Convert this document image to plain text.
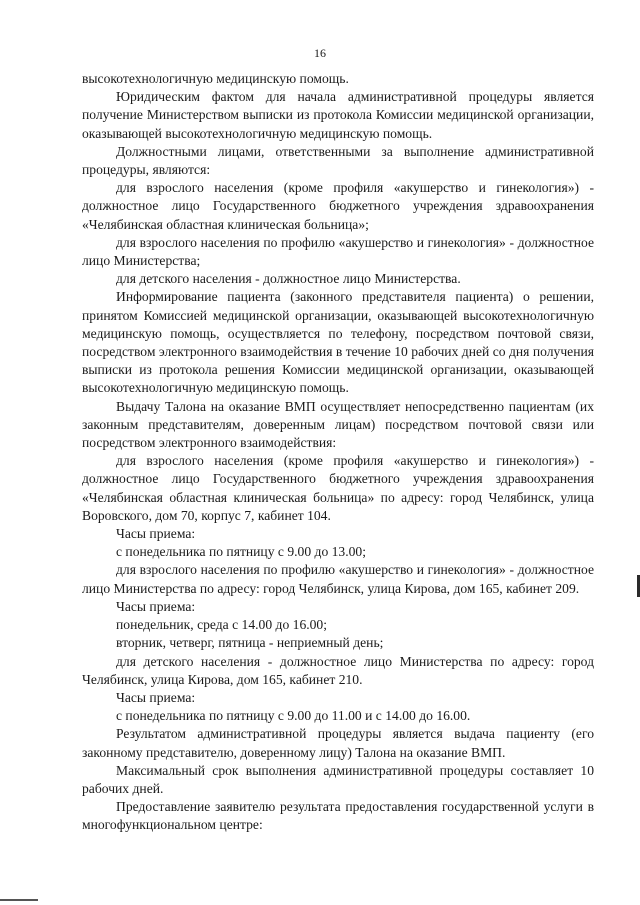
16

высокотехнологичную медицинскую помощь.

Юридическим фактом для начала административной процедуры является получение Министерством выписки из протокола Комиссии медицинской организации, оказывающей высокотехнологичную медицинскую помощь.

Должностными лицами, ответственными за выполнение административной процедуры, являются:

для взрослого населения (кроме профиля «акушерство и гинекология») - должностное лицо Государственного бюджетного учреждения здравоохранения «Челябинская областная клиническая больница»;

для взрослого населения по профилю «акушерство и гинекология» - должностное лицо Министерства;

для детского населения - должностное лицо Министерства.

Информирование пациента (законного представителя пациента) о решении, принятом Комиссией медицинской организации, оказывающей высокотехнологичную медицинскую помощь, осуществляется по телефону, посредством почтовой связи, посредством электронного взаимодействия в течение 10 рабочих дней со дня получения выписки из протокола решения Комиссии медицинской организации, оказывающей высокотехнологичную медицинскую помощь.

Выдачу Талона на оказание ВМП осуществляет непосредственно пациентам (их законным представителям, доверенным лицам) посредством почтовой связи или посредством электронного взаимодействия:

для взрослого населения (кроме профиля «акушерство и гинекология») - должностное лицо Государственного бюджетного учреждения здравоохранения «Челябинская областная клиническая больница» по адресу: город Челябинск, улица Воровского, дом 70, корпус 7, кабинет 104.

Часы приема:

с понедельника по пятницу с 9.00 до 13.00;

для взрослого населения по профилю «акушерство и гинекология» - должностное лицо Министерства по адресу: город Челябинск, улица Кирова, дом 165, кабинет 209.

Часы приема:

понедельник, среда с 14.00 до 16.00;

вторник, четверг, пятница - неприемный день;

для детского населения - должностное лицо Министерства по адресу: город Челябинск, улица Кирова, дом 165, кабинет 210.

Часы приема:

с понедельника по пятницу с 9.00 до 11.00 и с 14.00 до 16.00.

Результатом административной процедуры является выдача пациенту (его законному представителю, доверенному лицу) Талона на оказание ВМП.

Максимальный срок выполнения административной процедуры составляет 10 рабочих дней.

Предоставление заявителю результата предоставления государственной услуги в многофункциональном центре:
